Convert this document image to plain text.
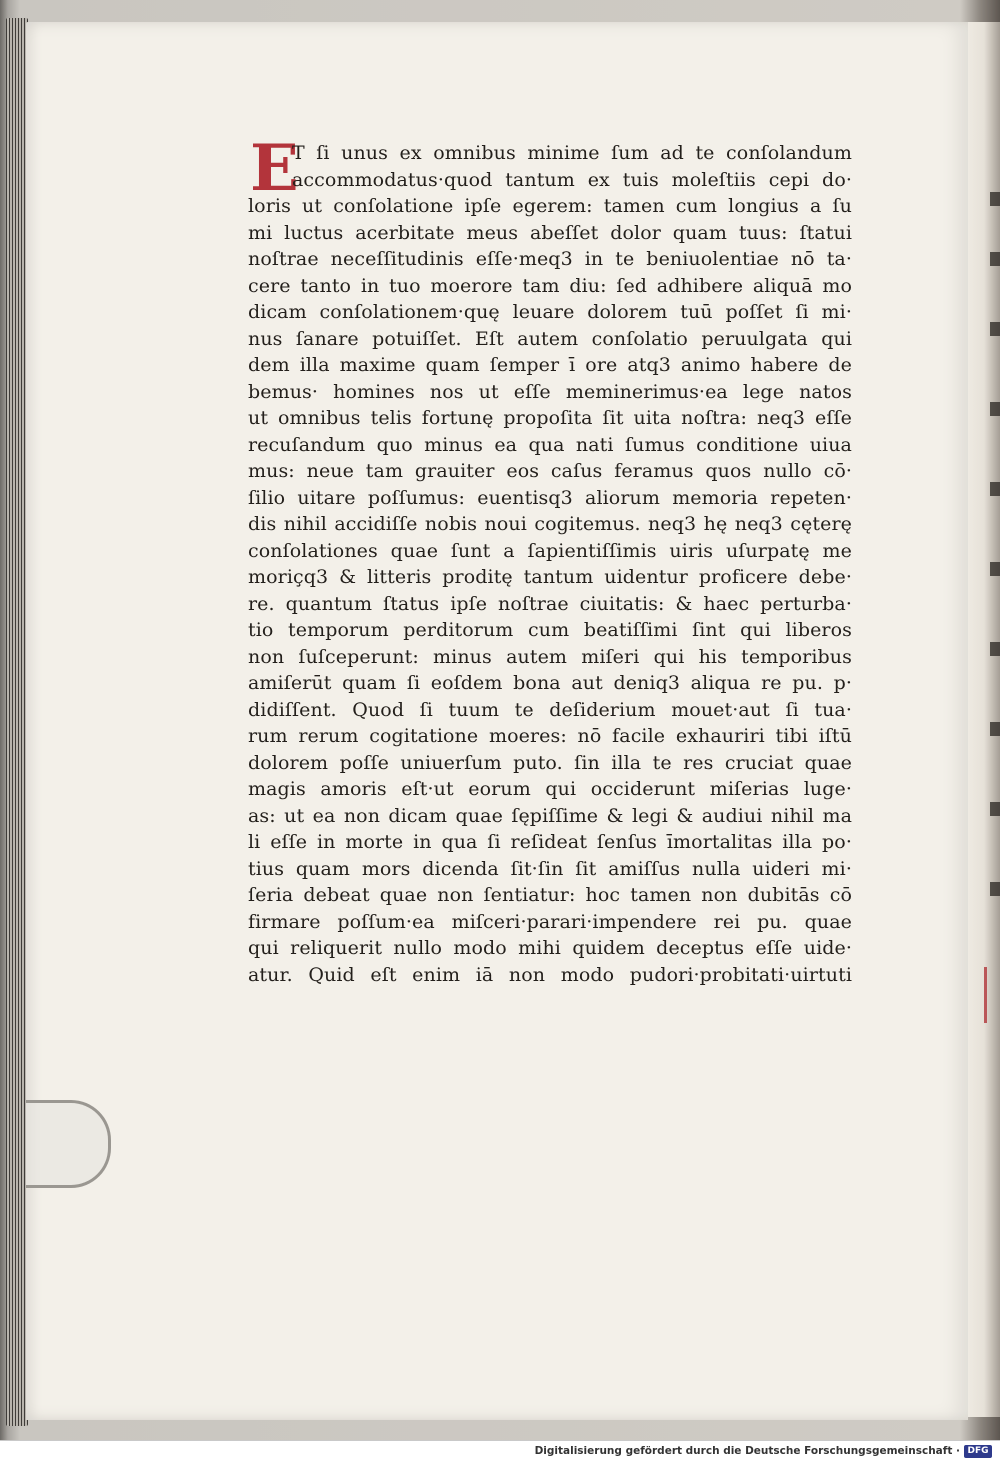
E
T ſi unus ex omnibus minime ſum ad te conſolandum
accommodatus·quod tantum ex tuis moleſtiis cepi do·
loris ut conſolatione ipſe egerem: tamen cum longius a ſu
mi luctus acerbitate meus abeſſet dolor quam tuus: ſtatui
noſtrae neceſſitudinis eſſe·meq3 in te beniuolentiae nō ta·
cere tanto in tuo moerore tam diu: ſed adhibere aliquā mo
dicam conſolationem·quę leuare dolorem tuū poſſet ſi mi·
nus ſanare potuiſſet. Eſt autem conſolatio peruulgata qui
dem illa maxime quam ſemper ī ore atq3 animo habere de
bemus· homines nos ut eſſe meminerimus·ea lege natos
ut omnibus telis fortunę propoſita ſit uita noſtra: neq3 eſſe
recuſandum quo minus ea qua nati ſumus conditione uiua
mus: neue tam grauiter eos caſus feramus quos nullo cō·
ſilio uitare poſſumus: euentisq3 aliorum memoria repeten·
dis nihil accidiſſe nobis noui cogitemus. neq3 hę neq3 cęterę
conſolationes quae ſunt a ſapientiſſimis uiris uſurpatę me
moriçq3 & litteris proditę tantum uidentur proficere debe·
re. quantum ſtatus ipſe noſtrae ciuitatis: & haec perturba·
tio temporum perditorum cum beatiſſimi ſint qui liberos
non ſuſceperunt: minus autem miſeri qui his temporibus
amiſerūt quam ſi eoſdem bona aut deniq3 aliqua re pu. p·
didiſſent. Quod ſi tuum te deſiderium mouet·aut ſi tua·
rum rerum cogitatione moeres: nō facile exhauriri tibi iſtū
dolorem poſſe uniuerſum puto. ſin illa te res cruciat quae
magis amoris eſt·ut eorum qui occiderunt miſerias luge·
as: ut ea non dicam quae ſępiſſime & legi & audiui nihil ma
li eſſe in morte in qua ſi reſideat ſenſus īmortalitas illa po·
tius quam mors dicenda ſit·ſin ſit amiſſus nulla uideri mi·
ſeria debeat quae non ſentiatur: hoc tamen non dubitās cō
firmare poſſum·ea miſceri·parari·impendere rei pu. quae
qui reliquerit nullo modo mihi quidem deceptus eſſe uide·
atur. Quid eſt enim iā non modo pudori·probitati·uirtuti
Digitalisierung gefördert durch die Deutsche Forschungsgemeinschaft · DFG
